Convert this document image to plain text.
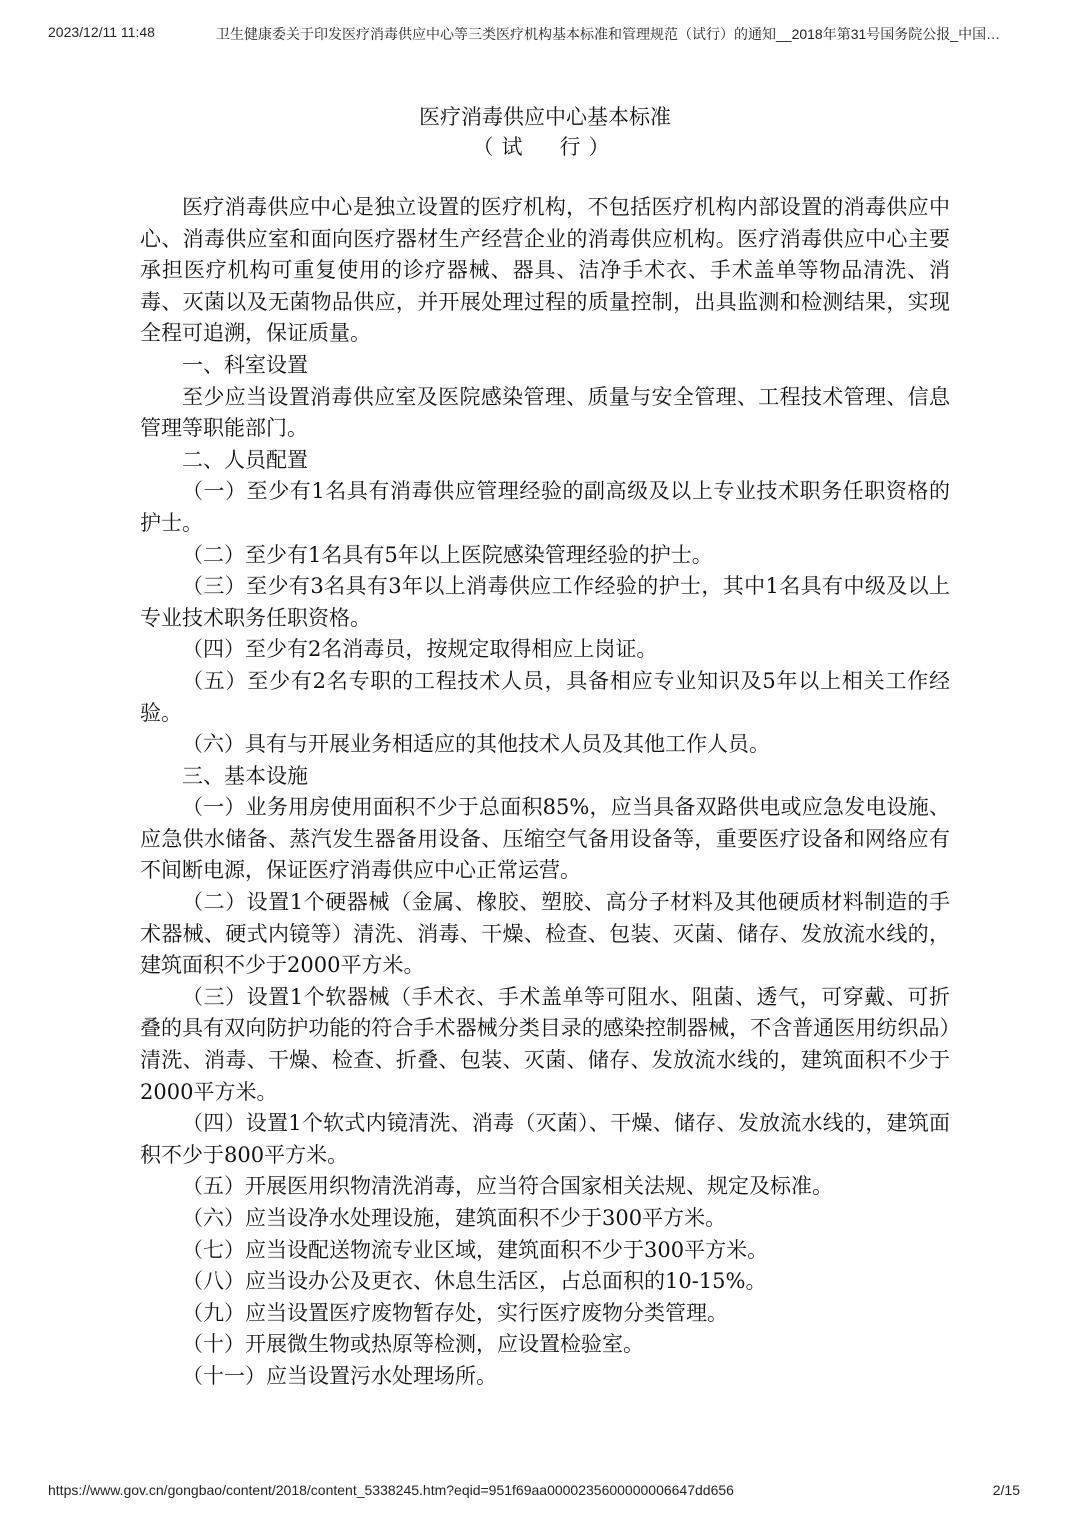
2023/12/11 11:48	卫生健康委关于印发医疗消毒供应中心等三类医疗机构基本标准和管理规范（试行）的通知__2018年第31号国务院公报_中国…
医疗消毒供应中心基本标准
（试　行）

医疗消毒供应中心是独立设置的医疗机构，不包括医疗机构内部设置的消毒供应中心、消毒供应室和面向医疗器材生产经营企业的消毒供应机构。医疗消毒供应中心主要承担医疗机构可重复使用的诊疗器械、器具、洁净手术衣、手术盖单等物品清洗、消毒、灭菌以及无菌物品供应，并开展处理过程的质量控制，出具监测和检测结果，实现全程可追溯，保证质量。

一、科室设置

至少应当设置消毒供应室及医院感染管理、质量与安全管理、工程技术管理、信息管理等职能部门。

二、人员配置

（一）至少有1名具有消毒供应管理经验的副高级及以上专业技术职务任职资格的护士。

（二）至少有1名具有5年以上医院感染管理经验的护士。

（三）至少有3名具有3年以上消毒供应工作经验的护士，其中1名具有中级及以上专业技术职务任职资格。

（四）至少有2名消毒员，按规定取得相应上岗证。

（五）至少有2名专职的工程技术人员，具备相应专业知识及5年以上相关工作经验。

（六）具有与开展业务相适应的其他技术人员及其他工作人员。

三、基本设施

（一）业务用房使用面积不少于总面积85%，应当具备双路供电或应急发电设施、应急供水储备、蒸汽发生器备用设备、压缩空气备用设备等，重要医疗设备和网络应有不间断电源，保证医疗消毒供应中心正常运营。

（二）设置1个硬器械（金属、橡胶、塑胶、高分子材料及其他硬质材料制造的手术器械、硬式内镜等）清洗、消毒、干燥、检查、包装、灭菌、储存、发放流水线的，建筑面积不少于2000平方米。

（三）设置1个软器械（手术衣、手术盖单等可阻水、阻菌、透气，可穿戴、可折叠的具有双向防护功能的符合手术器械分类目录的感染控制器械，不含普通医用纺织品）清洗、消毒、干燥、检查、折叠、包装、灭菌、储存、发放流水线的，建筑面积不少于2000平方米。

（四）设置1个软式内镜清洗、消毒（灭菌）、干燥、储存、发放流水线的，建筑面积不少于800平方米。

（五）开展医用织物清洗消毒，应当符合国家相关法规、规定及标准。

（六）应当设净水处理设施，建筑面积不少于300平方米。

（七）应当设配送物流专业区域，建筑面积不少于300平方米。

（八）应当设办公及更衣、休息生活区，占总面积的10-15%。

（九）应当设置医疗废物暂存处，实行医疗废物分类管理。

（十）开展微生物或热原等检测，应设置检验室。

（十一）应当设置污水处理场所。

https://www.gov.cn/gongbao/content/2018/content_5338245.htm?eqid=951f69aa0000235600000006647dd656	2/15
